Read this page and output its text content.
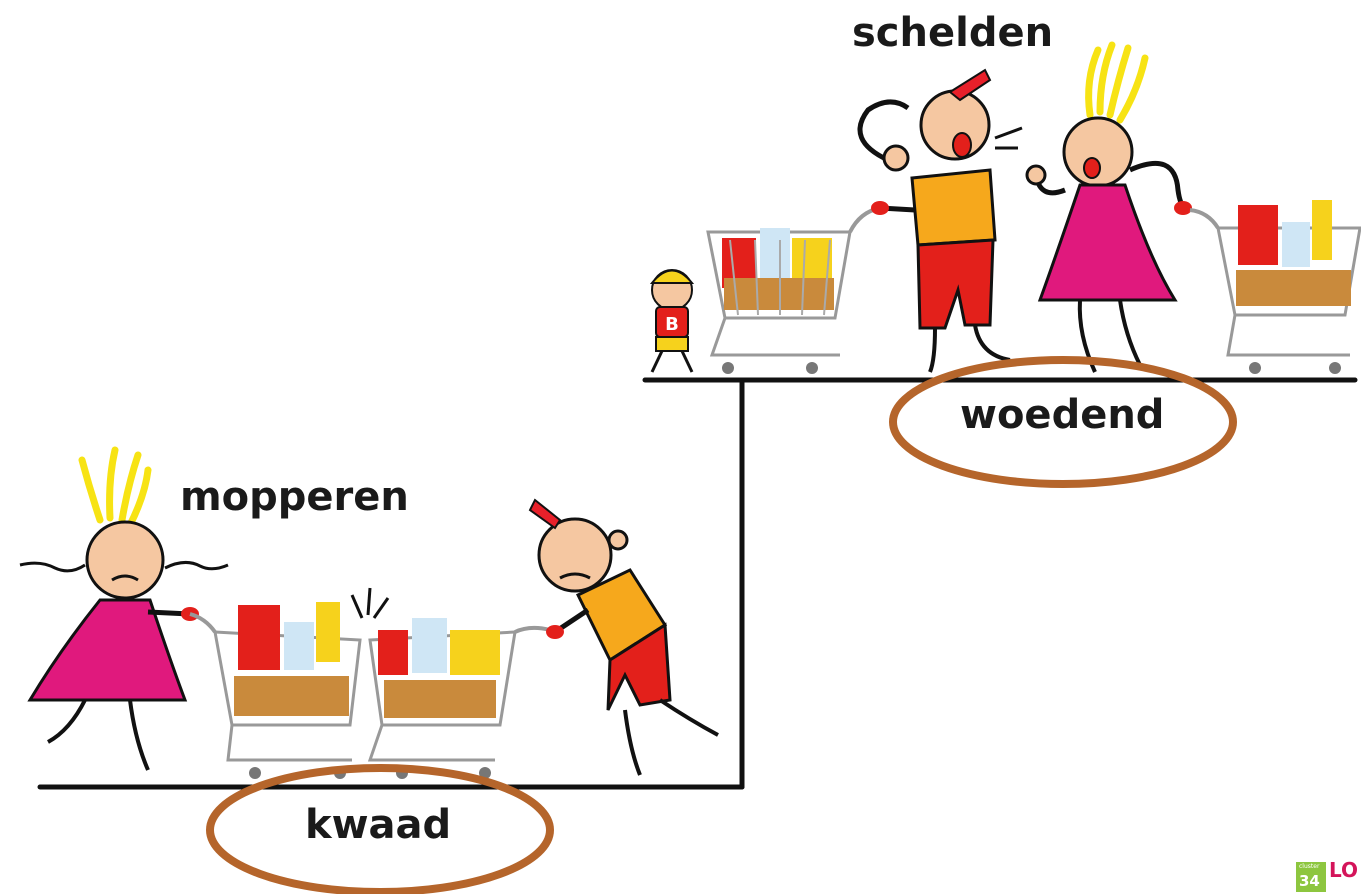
B
schelden
mopperen
woedend
kwaad
cluster
34 LO
